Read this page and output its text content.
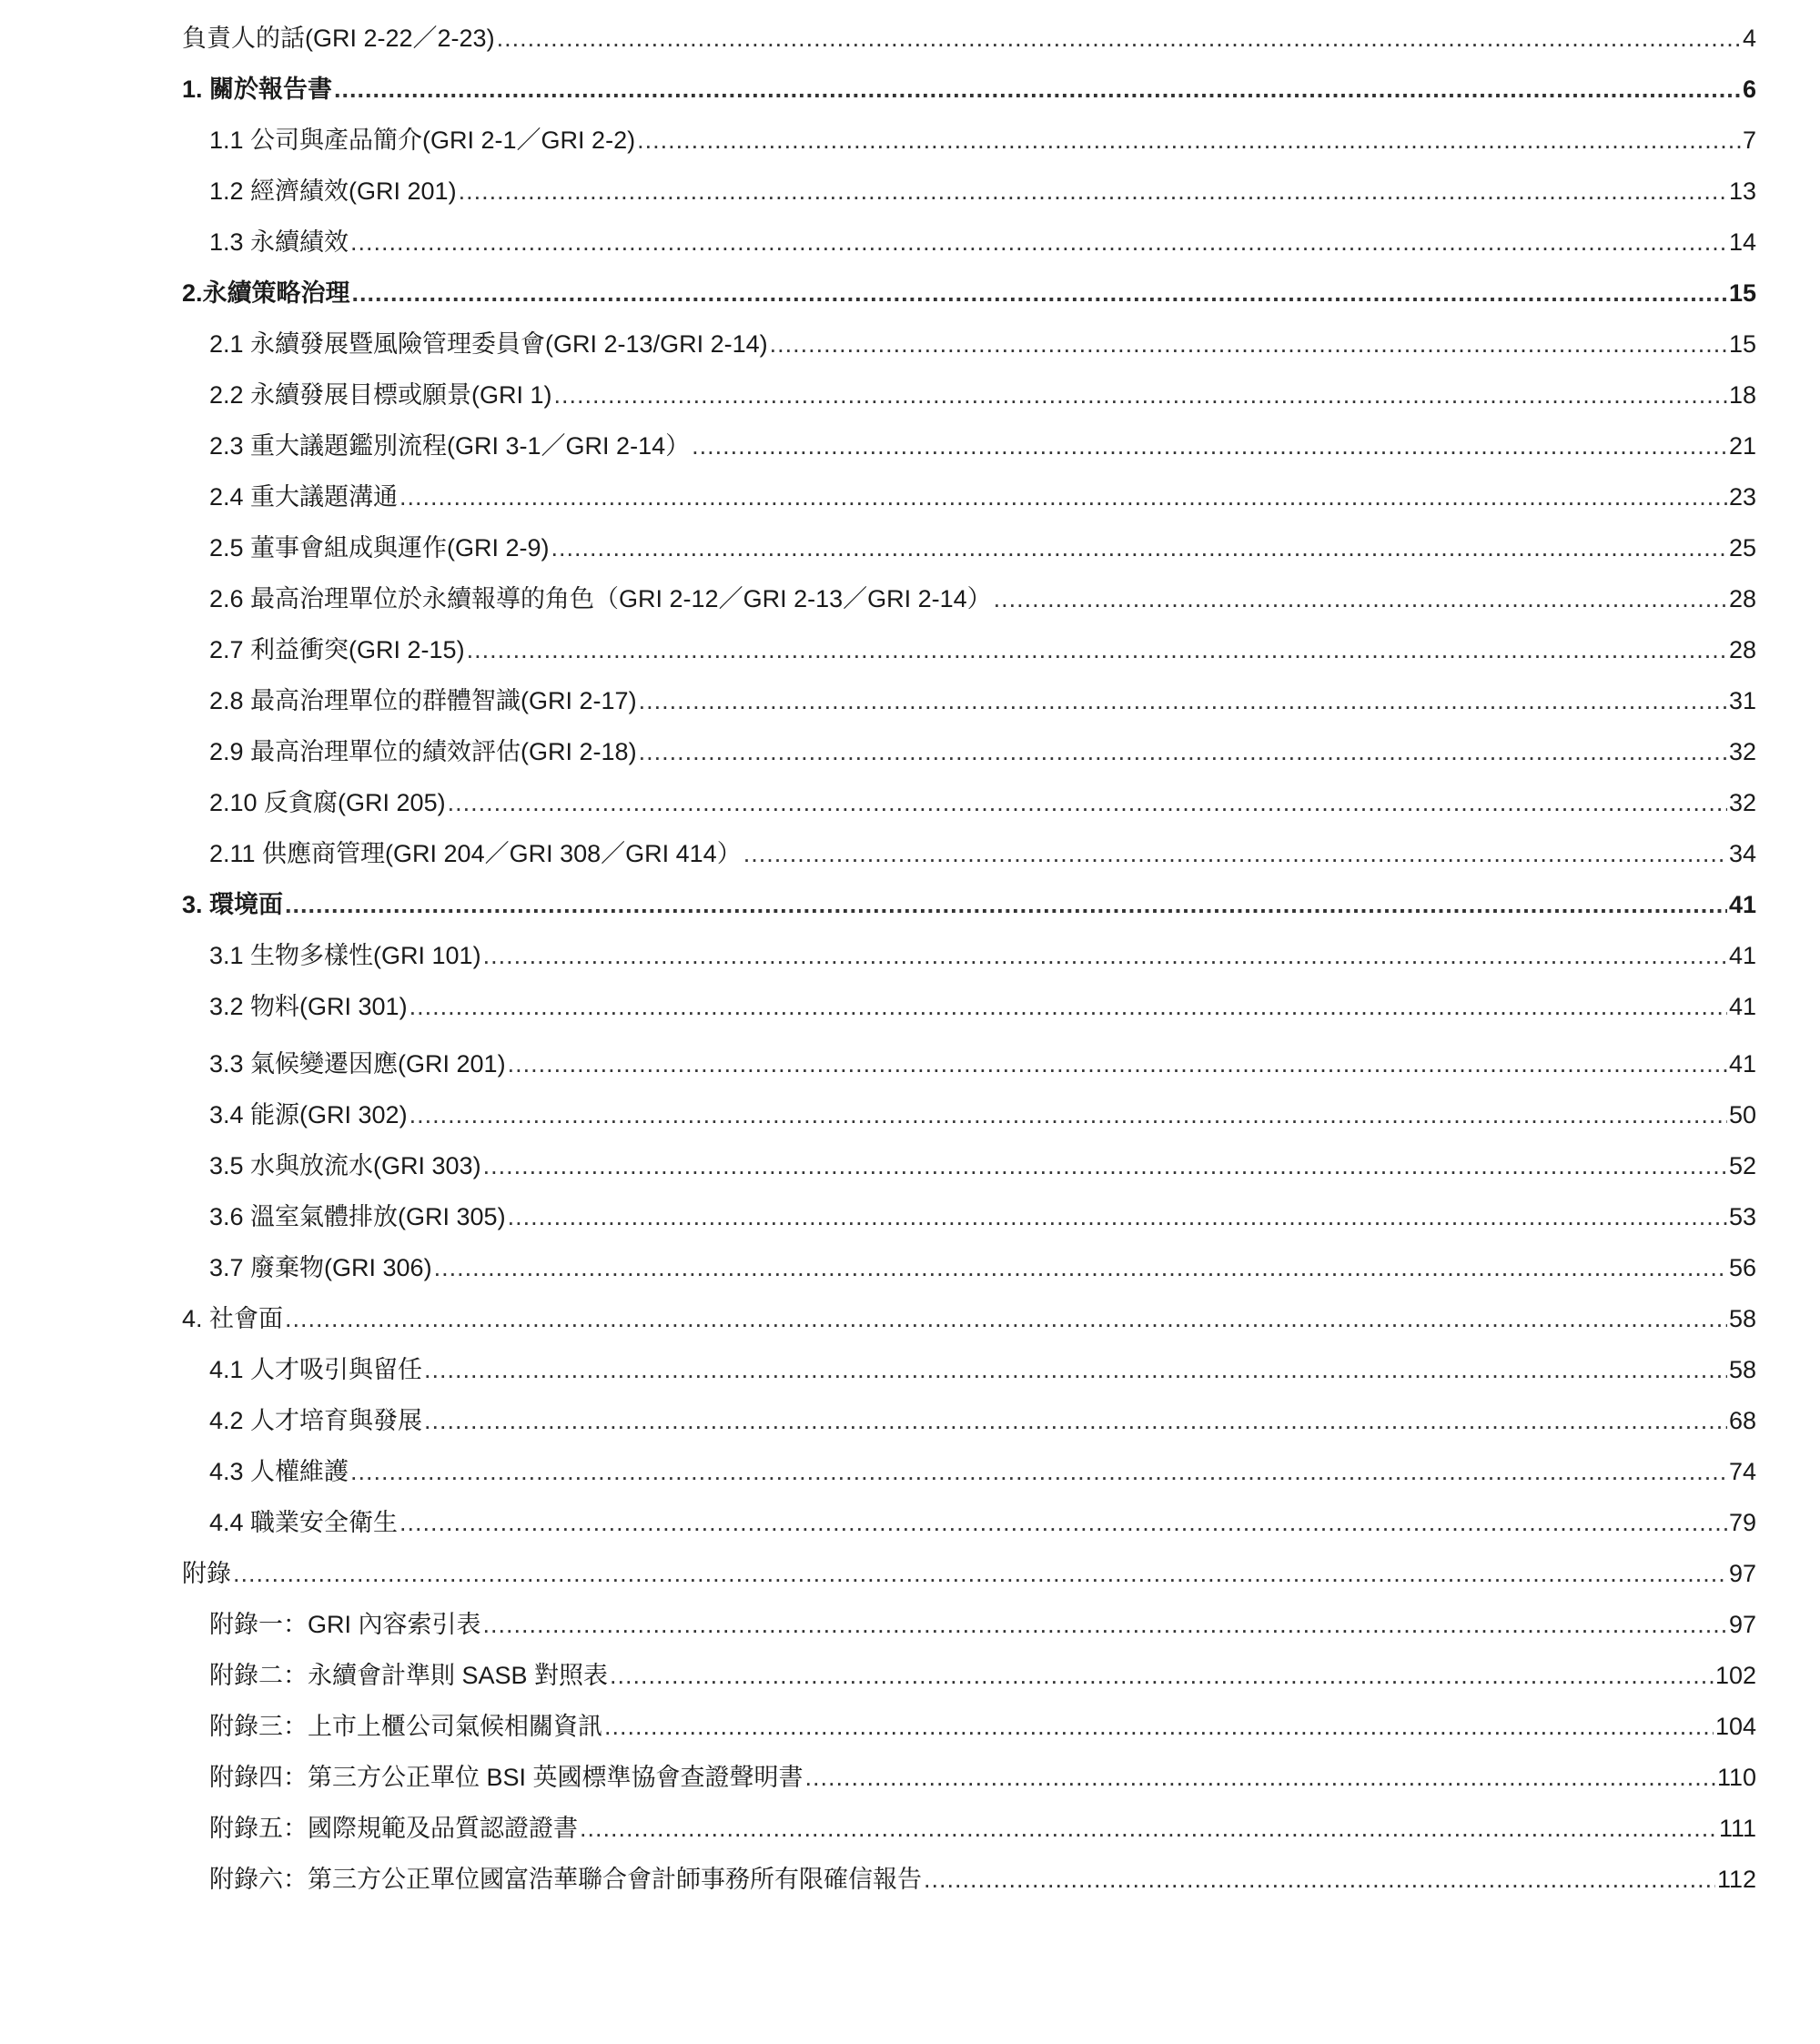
負責人的話(GRI 2-22／2-23) .....	4
1. 關於報告書 .....	6
1.1 公司與產品簡介(GRI 2-1／GRI 2-2) .....	7
1.2 經濟績效(GRI 201) .....	13
1.3 永續績效 .....	14
2.永續策略治理 .....	15
2.1 永續發展暨風險管理委員會(GRI 2-13/GRI 2-14) .....	15
2.2 永續發展目標或願景(GRI 1) .....	18
2.3 重大議題鑑別流程(GRI 3-1／GRI 2-14） .....	21
2.4 重大議題溝通 .....	23
2.5 董事會組成與運作(GRI 2-9) .....	25
2.6 最高治理單位於永續報導的角色（GRI 2-12／GRI 2-13／GRI 2-14） .....	28
2.7 利益衝突(GRI 2-15) .....	28
2.8 最高治理單位的群體智識(GRI 2-17) .....	31
2.9 最高治理單位的績效評估(GRI 2-18) .....	32
2.10 反貪腐(GRI 205) .....	32
2.11 供應商管理(GRI 204／GRI 308／GRI 414） .....	34
3. 環境面 .....	41
3.1 生物多樣性(GRI 101) .....	41
3.2 物料(GRI 301) .....	41
3.3 氣候變遷因應(GRI 201) .....	41
3.4 能源(GRI 302) .....	50
3.5 水與放流水(GRI 303) .....	52
3.6 溫室氣體排放(GRI 305) .....	53
3.7 廢棄物(GRI 306) .....	56
4. 社會面 .....	58
4.1 人才吸引與留任 .....	58
4.2 人才培育與發展 .....	68
4.3 人權維護 .....	74
4.4 職業安全衛生 .....	79
附錄 .....	97
附錄一：GRI 內容索引表 .....	97
附錄二：永續會計準則 SASB 對照表 .....	102
附錄三：上市上櫃公司氣候相關資訊 .....	104
附錄四：第三方公正單位 BSI 英國標準協會查證聲明書 .....	110
附錄五：國際規範及品質認證證書 .....	111
附錄六：第三方公正單位國富浩華聯合會計師事務所有限確信報告 .....	112
